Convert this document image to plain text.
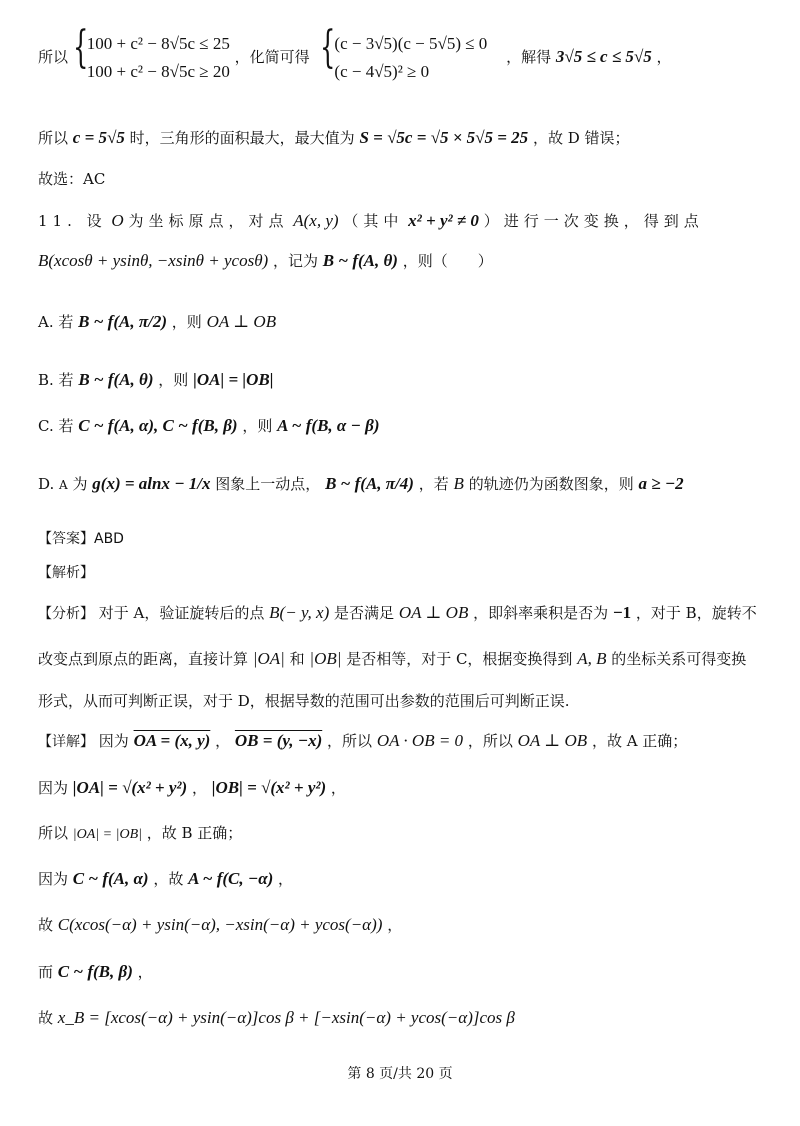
所以 {
100 + c² − 8√5c ≤ 25
100 + c² − 8√5c ≥ 20
，化简可得 {
(c − 3√5)(c − 5√5) ≤ 0
(c − 4√5)² ≥ 0
，解得 3√5 ≤ c ≤ 5√5 ，
所以 c = 5√5 时，三角形的面积最大，最大值为 S = √5c = √5 × 5√5 = 25 ，故 D 错误；
故选：AC
11. 设 O 为坐标原点，对点 A(x, y) （其中 x² + y² ≠ 0 ）进行一次变换，得到点
B(xcosθ + ysinθ, −xsinθ + ycosθ) ，记为 B ~ f(A, θ) ，则（　　）
A. 若 B ~ f(A, π/2) ，则 OA ⊥ OB
B. 若 B ~ f(A, θ) ，则 |OA| = |OB|
C. 若 C ~ f(A, α), C ~ f(B, β) ，则 A ~ f(B, α − β)
D. A 为 g(x) = alnx − 1/x 图象上一动点， B ~ f(A, π/4) ，若 B 的轨迹仍为函数图象，则 a ≥ −2
【答案】ABD
【解析】
【分析】 对于 A，验证旋转后的点 B(− y, x) 是否满足 OA ⊥ OB ，即斜率乘积是否为 −1 ，对于 B，旋转不
改变点到原点的距离，直接计算 |OA| 和 |OB| 是否相等，对于 C，根据变换得到 A, B 的坐标关系可得变换
形式，从而可判断正误，对于 D，根据导数的范围可出参数的范围后可判断正误.
【详解】 因为 OA = (x, y) ， OB = (y, −x) ，所以 OA · OB = 0 ，所以 OA ⊥ OB ，故 A 正确；
因为 |OA| = √(x² + y²) ， |OB| = √(x² + y²) ，
所以 |OA| = |OB| ，故 B 正确；
因为 C ~ f(A, α) ，故 A ~ f(C, −α) ，
故 C(xcos(−α) + ysin(−α), −xsin(−α) + ycos(−α)) ，
而 C ~ f(B, β) ，
故 x_B = [xcos(−α) + ysin(−α)]cos β + [−xsin(−α) + ycos(−α)]cos β
第 8 页/共 20 页
